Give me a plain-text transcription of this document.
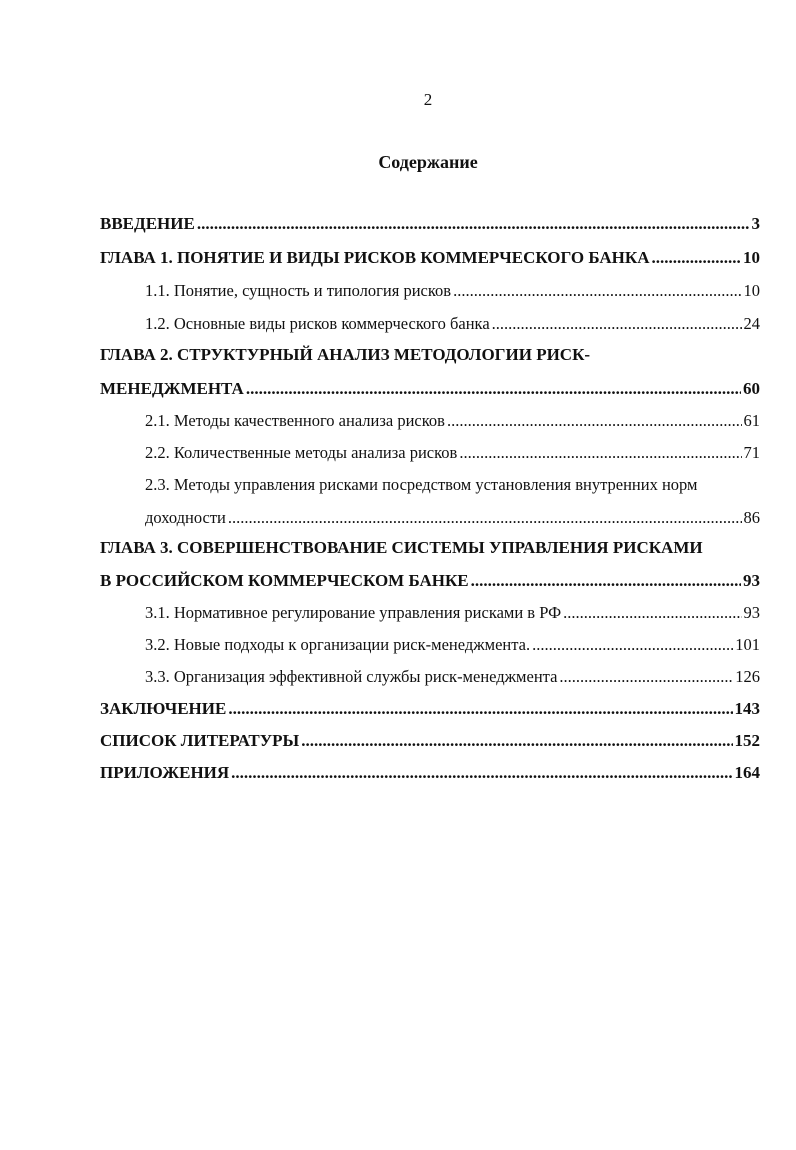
2
Содержание
ВВЕДЕНИЕ .....	3
ГЛАВА 1. ПОНЯТИЕ И ВИДЫ РИСКОВ КОММЕРЧЕСКОГО БАНКА .....	10
1.1. Понятие, сущность и типология рисков .....	10
1.2. Основные виды рисков коммерческого банка .....	24
ГЛАВА 2. СТРУКТУРНЫЙ АНАЛИЗ МЕТОДОЛОГИИ РИСК-
МЕНЕДЖМЕНТА .....	60
2.1. Методы качественного анализа рисков .....	61
2.2. Количественные методы анализа рисков .....	71
2.3. Методы управления рисками посредством установления внутренних норм
доходности .....	86
ГЛАВА 3. СОВЕРШЕНСТВОВАНИЕ СИСТЕМЫ УПРАВЛЕНИЯ РИСКАМИ
В РОССИЙСКОМ КОММЕРЧЕСКОМ БАНКЕ .....	93
3.1. Нормативное регулирование управления рисками в РФ .....	93
3.2. Новые подходы к организации риск-менеджмента. .....	101
3.3. Организация эффективной службы риск-менеджмента .....	126
ЗАКЛЮЧЕНИЕ .....	143
СПИСОК ЛИТЕРАТУРЫ .....	152
ПРИЛОЖЕНИЯ .....	164
